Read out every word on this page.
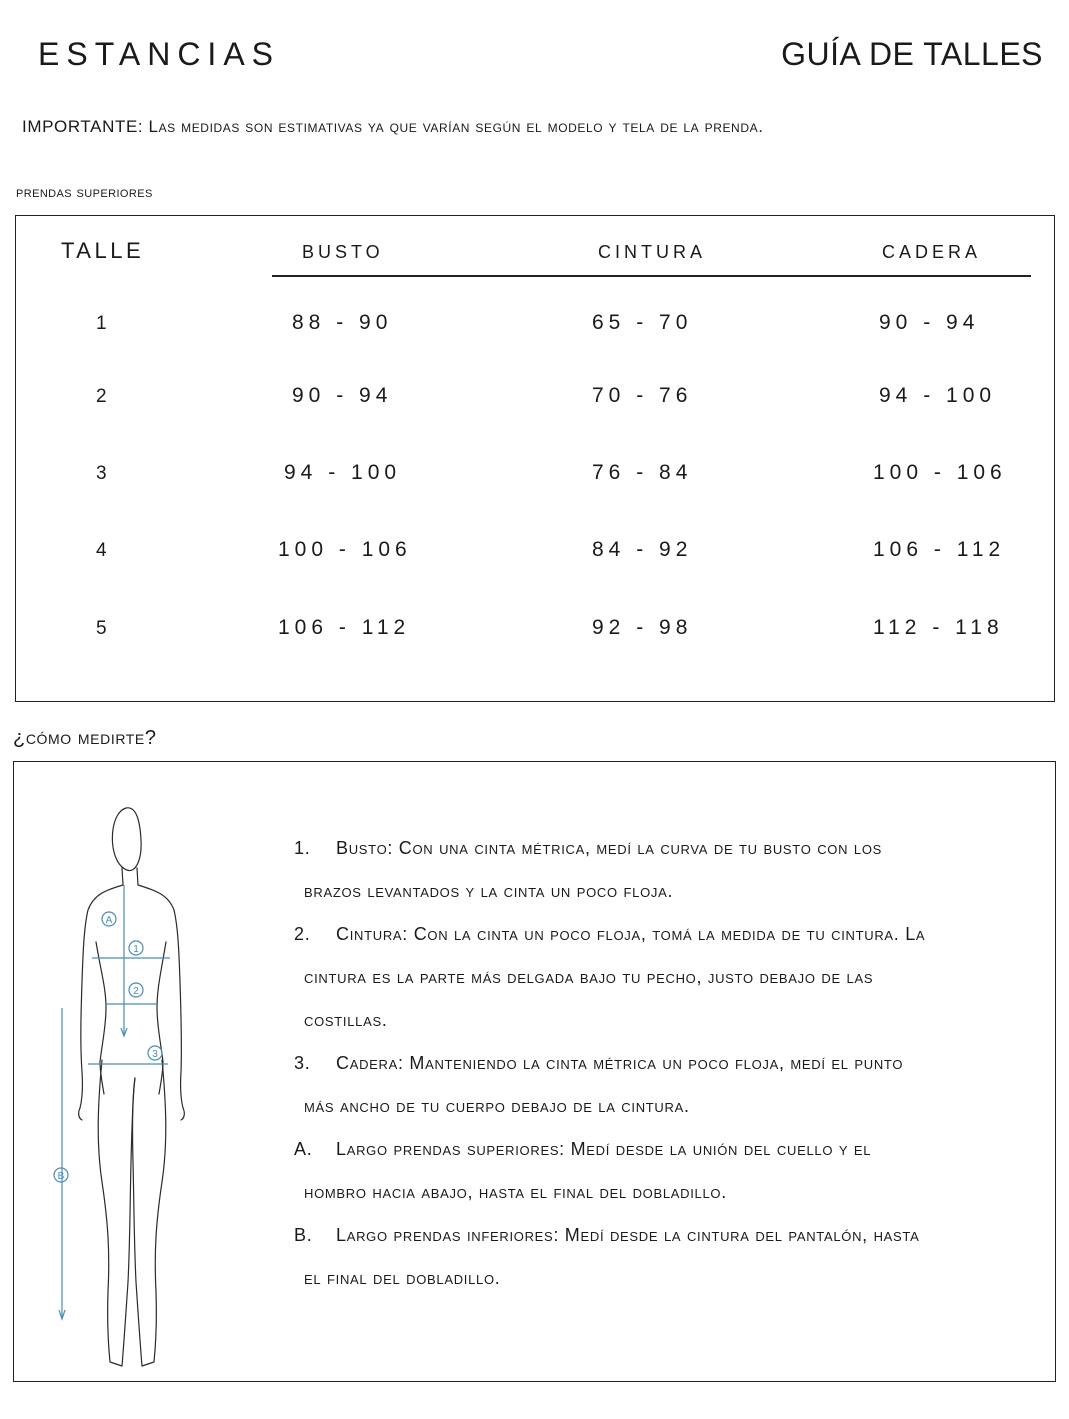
ESTANCIAS	GUÍA DE TALLES
IMPORTANTE: Las medidas son estimativas ya que varían según el modelo y tela de la prenda.
prendas superiores
TALLE	BUSTO	CINTURA	CADERA
1	88 - 90	65 - 70	90 - 94
2	90 - 94	70 - 76	94 - 100
3	94 - 100	76 - 84	100 - 106
4	100 - 106	84 - 92	106 - 112
5	106 - 112	92 - 98	112 - 118
¿cómo medirte?
A
1
2
3
B
1. Busto: Con una cinta métrica, medí la curva de tu busto con los
brazos levantados y la cinta un poco floja.
2. Cintura: Con la cinta un poco floja, tomá la medida de tu cintura. La
cintura es la parte más delgada bajo tu pecho, justo debajo de las
costillas.
3. Cadera: Manteniendo la cinta métrica un poco floja, medí el punto
más ancho de tu cuerpo debajo de la cintura.
A. Largo prendas superiores: Medí desde la unión del cuello y el
hombro hacia abajo, hasta el final del dobladillo.
B. Largo prendas inferiores: Medí desde la cintura del pantalón, hasta
el final del dobladillo.
